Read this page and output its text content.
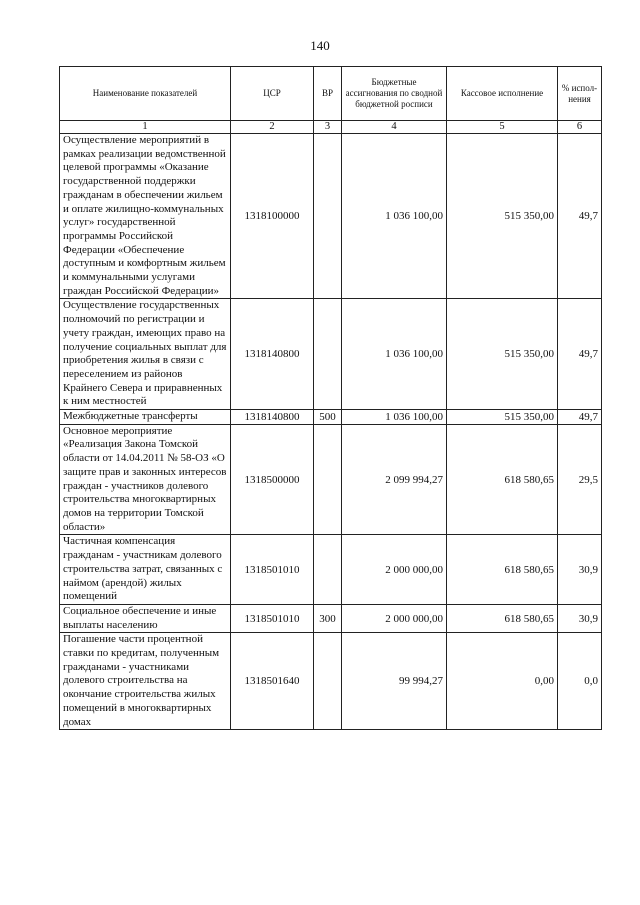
140
Наименование показателей	ЦСР	ВР	Бюджетные ассигнования по сводной бюджетной росписи	Кассовое исполнение	% испол-нения
1	2	3	4	5	6
Осуществление мероприятий в рамках реализации ведомственной целевой программы «Оказание государственной поддержки гражданам в обеспечении жильем и оплате жилищно-коммунальных услуг» государственной программы Российской Федерации «Обеспечение доступным и комфортным жильем и коммунальными услугами граждан Российской Федерации»	1318100000		1 036 100,00	515 350,00	49,7
Осуществление государственных полномочий по регистрации и учету граждан, имеющих право на получение социальных выплат для приобретения жилья в связи с переселением из районов Крайнего Севера и приравненных к ним местностей	1318140800		1 036 100,00	515 350,00	49,7
Межбюджетные трансферты	1318140800	500	1 036 100,00	515 350,00	49,7
Основное мероприятие «Реализация Закона Томской области от 14.04.2011 № 58-ОЗ «О защите прав и законных интересов граждан - участников долевого строительства многоквартирных домов на территории Томской области»	1318500000		2 099 994,27	618 580,65	29,5
Частичная компенсация гражданам - участникам долевого строительства затрат, связанных с наймом (арендой) жилых помещений	1318501010		2 000 000,00	618 580,65	30,9
Социальное обеспечение и иные выплаты населению	1318501010	300	2 000 000,00	618 580,65	30,9
Погашение части процентной ставки по кредитам, полученным гражданами - участниками долевого строительства на окончание строительства жилых помещений в многоквартирных домах	1318501640		99 994,27	0,00	0,0
